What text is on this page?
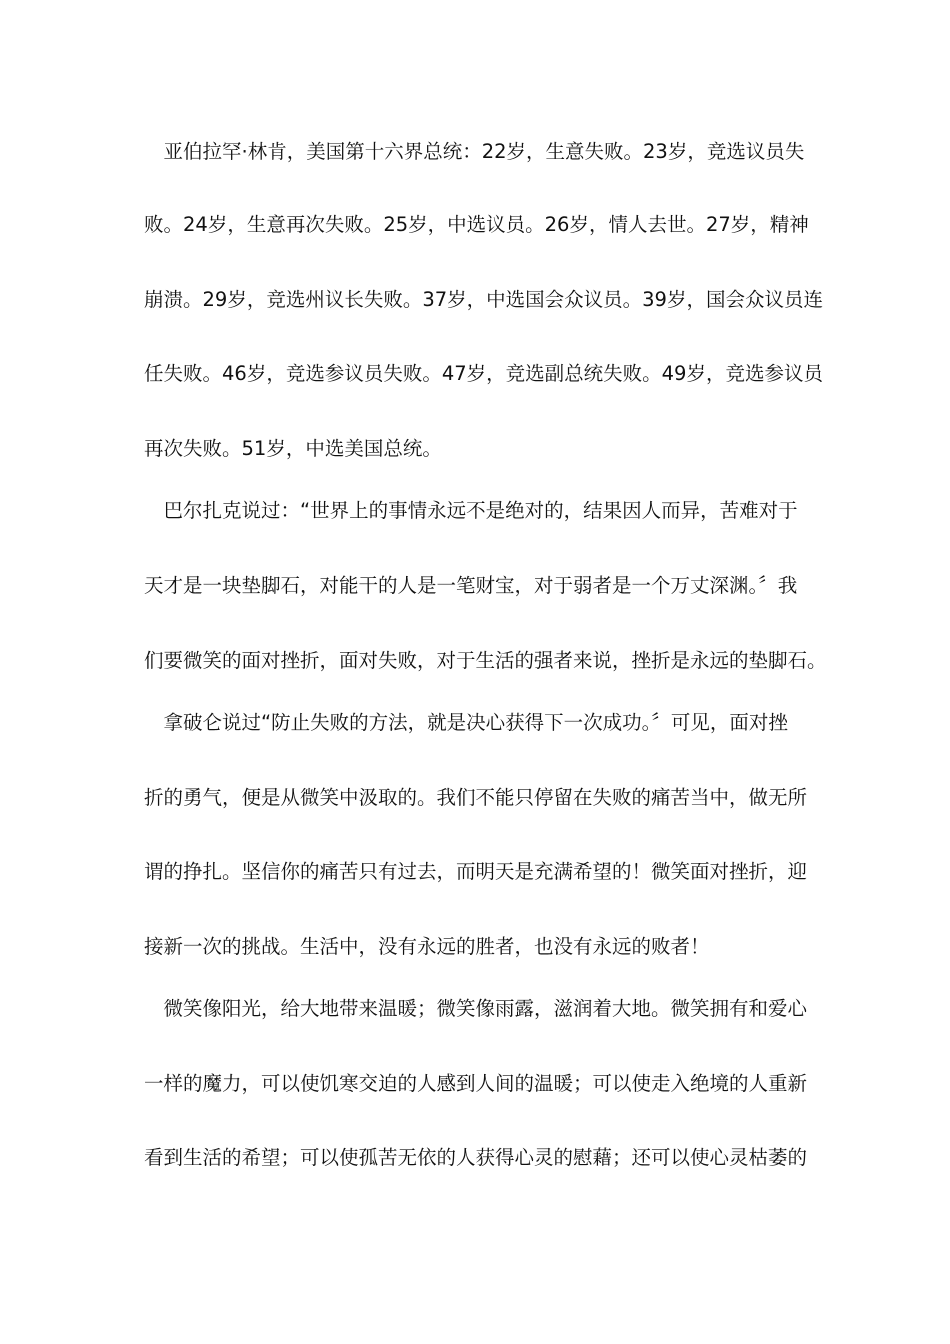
　亚伯拉罕·林肯，美国第十六界总统：22岁，生意失败。23岁，竞选议员失
败。24岁，生意再次失败。25岁，中选议员。26岁，情人去世。27岁，精神
崩溃。29岁，竞选州议长失败。37岁，中选国会众议员。39岁，国会众议员连
任失败。46岁，竞选参议员失败。47岁，竞选副总统失败。49岁，竞选参议员
再次失败。51岁，中选美国总统。
　巴尔扎克说过：“世界上的事情永远不是绝对的，结果因人而异，苦难对于
天才是一块垫脚石，对能干的人是一笔财宝，对于弱者是一个万丈深渊。〞我
们要微笑的面对挫折，面对失败，对于生活的强者来说，挫折是永远的垫脚石。
　拿破仑说过“防止失败的方法，就是决心获得下一次成功。〞可见，面对挫
折的勇气，便是从微笑中汲取的。我们不能只停留在失败的痛苦当中，做无所
谓的挣扎。坚信你的痛苦只有过去，而明天是充满希望的！微笑面对挫折，迎
接新一次的挑战。生活中，没有永远的胜者，也没有永远的败者！
　微笑像阳光，给大地带来温暖；微笑像雨露，滋润着大地。微笑拥有和爱心
一样的魔力，可以使饥寒交迫的人感到人间的温暖；可以使走入绝境的人重新
看到生活的希望；可以使孤苦无依的人获得心灵的慰藉；还可以使心灵枯萎的
